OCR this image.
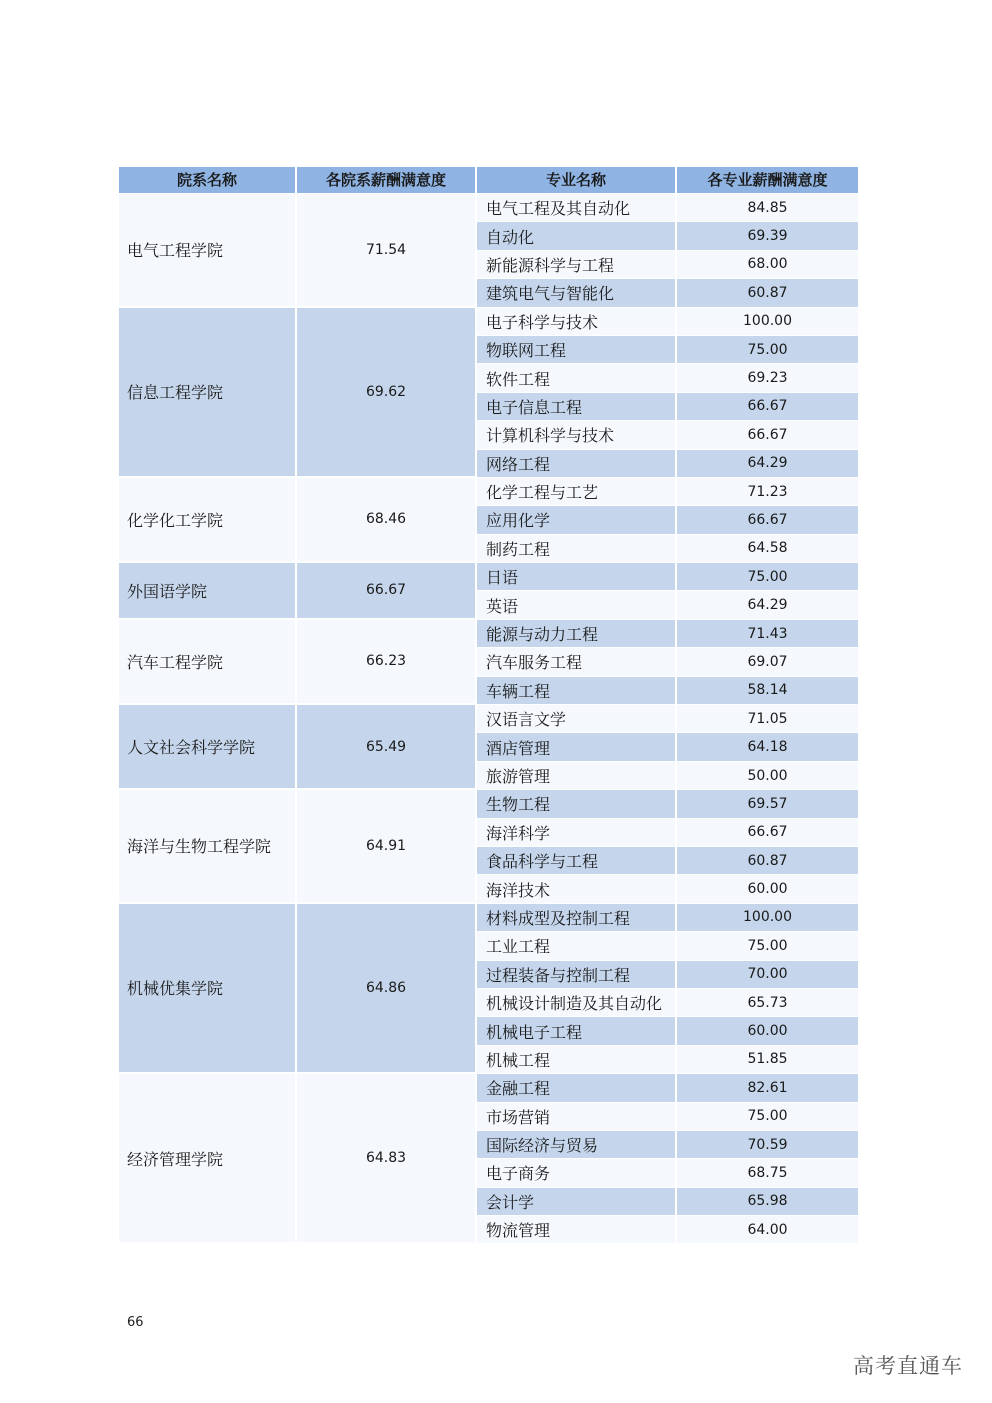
院系名称	各院系薪酬满意度	专业名称	各专业薪酬满意度
电气工程学院	71.54
电气工程及其自动化	84.85
自动化	69.39
新能源科学与工程	68.00
建筑电气与智能化	60.87
信息工程学院	69.62
电子科学与技术	100.00
物联网工程	75.00
软件工程	69.23
电子信息工程	66.67
计算机科学与技术	66.67
网络工程	64.29
化学化工学院	68.46
化学工程与工艺	71.23
应用化学	66.67
制药工程	64.58
外国语学院	66.67
日语	75.00
英语	64.29
汽车工程学院	66.23
能源与动力工程	71.43
汽车服务工程	69.07
车辆工程	58.14
人文社会科学学院	65.49
汉语言文学	71.05
酒店管理	64.18
旅游管理	50.00
海洋与生物工程学院	64.91
生物工程	69.57
海洋科学	66.67
食品科学与工程	60.87
海洋技术	60.00
机械优集学院	64.86
材料成型及控制工程	100.00
工业工程	75.00
过程装备与控制工程	70.00
机械设计制造及其自动化	65.73
机械电子工程	60.00
机械工程	51.85
经济管理学院	64.83
金融工程	82.61
市场营销	75.00
国际经济与贸易	70.59
电子商务	68.75
会计学	65.98
物流管理	64.00
66
高考直通车
